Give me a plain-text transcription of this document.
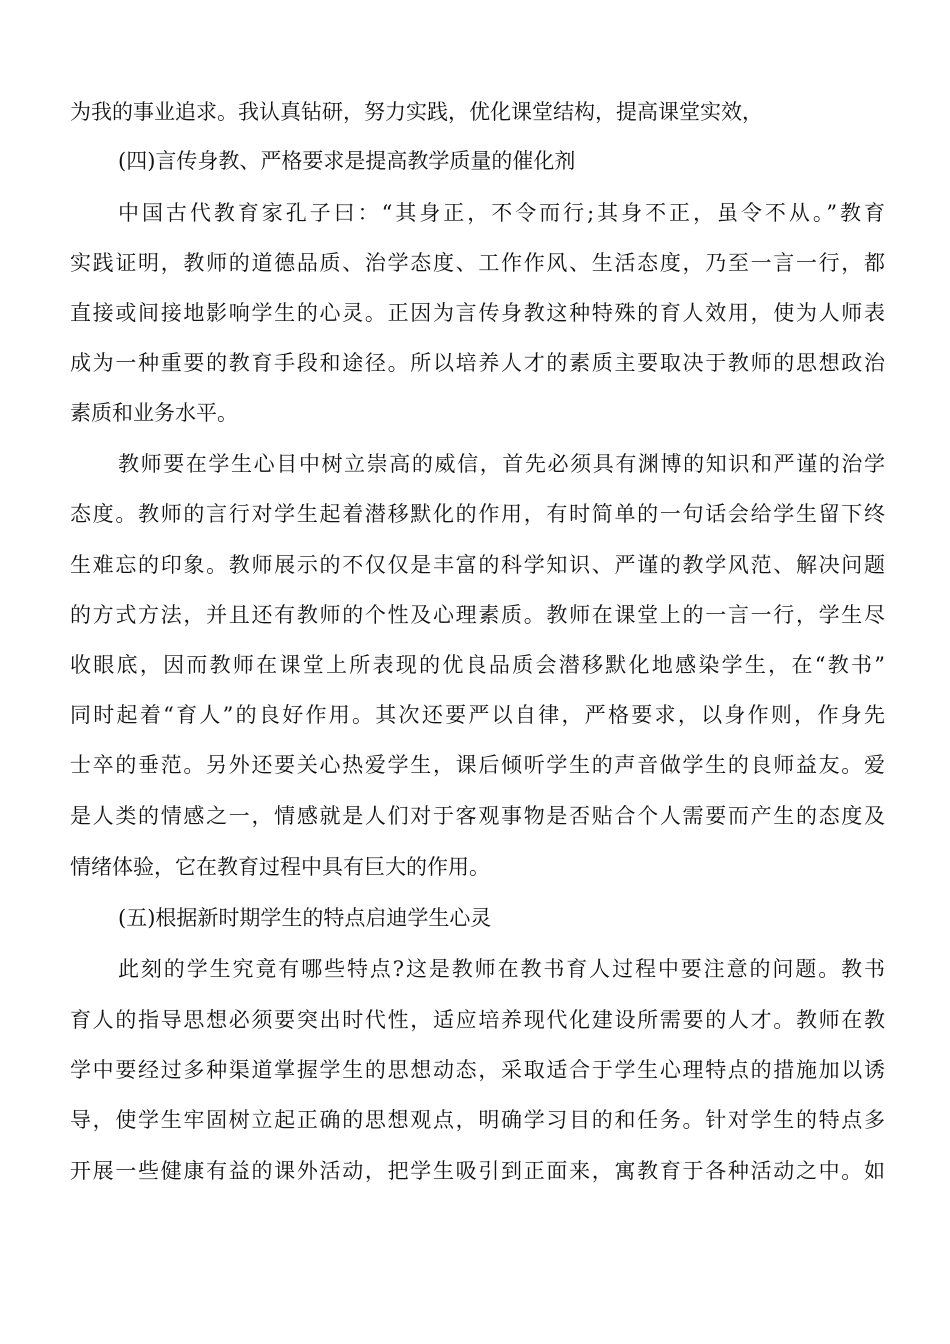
为我的事业追求。我认真钻研，努力实践，优化课堂结构，提高课堂实效，
(四)言传身教、严格要求是提高教学质量的催化剂
中国古代教育家孔子曰：“其身正，不令而行;其身不正，虽令不从。”教育
实践证明，教师的道德品质、治学态度、工作作风、生活态度，乃至一言一行，都
直接或间接地影响学生的心灵。正因为言传身教这种特殊的育人效用，使为人师表
成为一种重要的教育手段和途径。所以培养人才的素质主要取决于教师的思想政治
素质和业务水平。
教师要在学生心目中树立崇高的威信，首先必须具有渊博的知识和严谨的治学
态度。教师的言行对学生起着潜移默化的作用，有时简单的一句话会给学生留下终
生难忘的印象。教师展示的不仅仅是丰富的科学知识、严谨的教学风范、解决问题
的方式方法，并且还有教师的个性及心理素质。教师在课堂上的一言一行，学生尽
收眼底，因而教师在课堂上所表现的优良品质会潜移默化地感染学生，在“教书”
同时起着“育人”的良好作用。其次还要严以自律，严格要求，以身作则，作身先
士卒的垂范。另外还要关心热爱学生，课后倾听学生的声音做学生的良师益友。爱
是人类的情感之一，情感就是人们对于客观事物是否贴合个人需要而产生的态度及
情绪体验，它在教育过程中具有巨大的作用。
(五)根据新时期学生的特点启迪学生心灵
此刻的学生究竟有哪些特点?这是教师在教书育人过程中要注意的问题。教书
育人的指导思想必须要突出时代性，适应培养现代化建设所需要的人才。教师在教
学中要经过多种渠道掌握学生的思想动态，采取适合于学生心理特点的措施加以诱
导，使学生牢固树立起正确的思想观点，明确学习目的和任务。针对学生的特点多
开展一些健康有益的课外活动，把学生吸引到正面来，寓教育于各种活动之中。如
